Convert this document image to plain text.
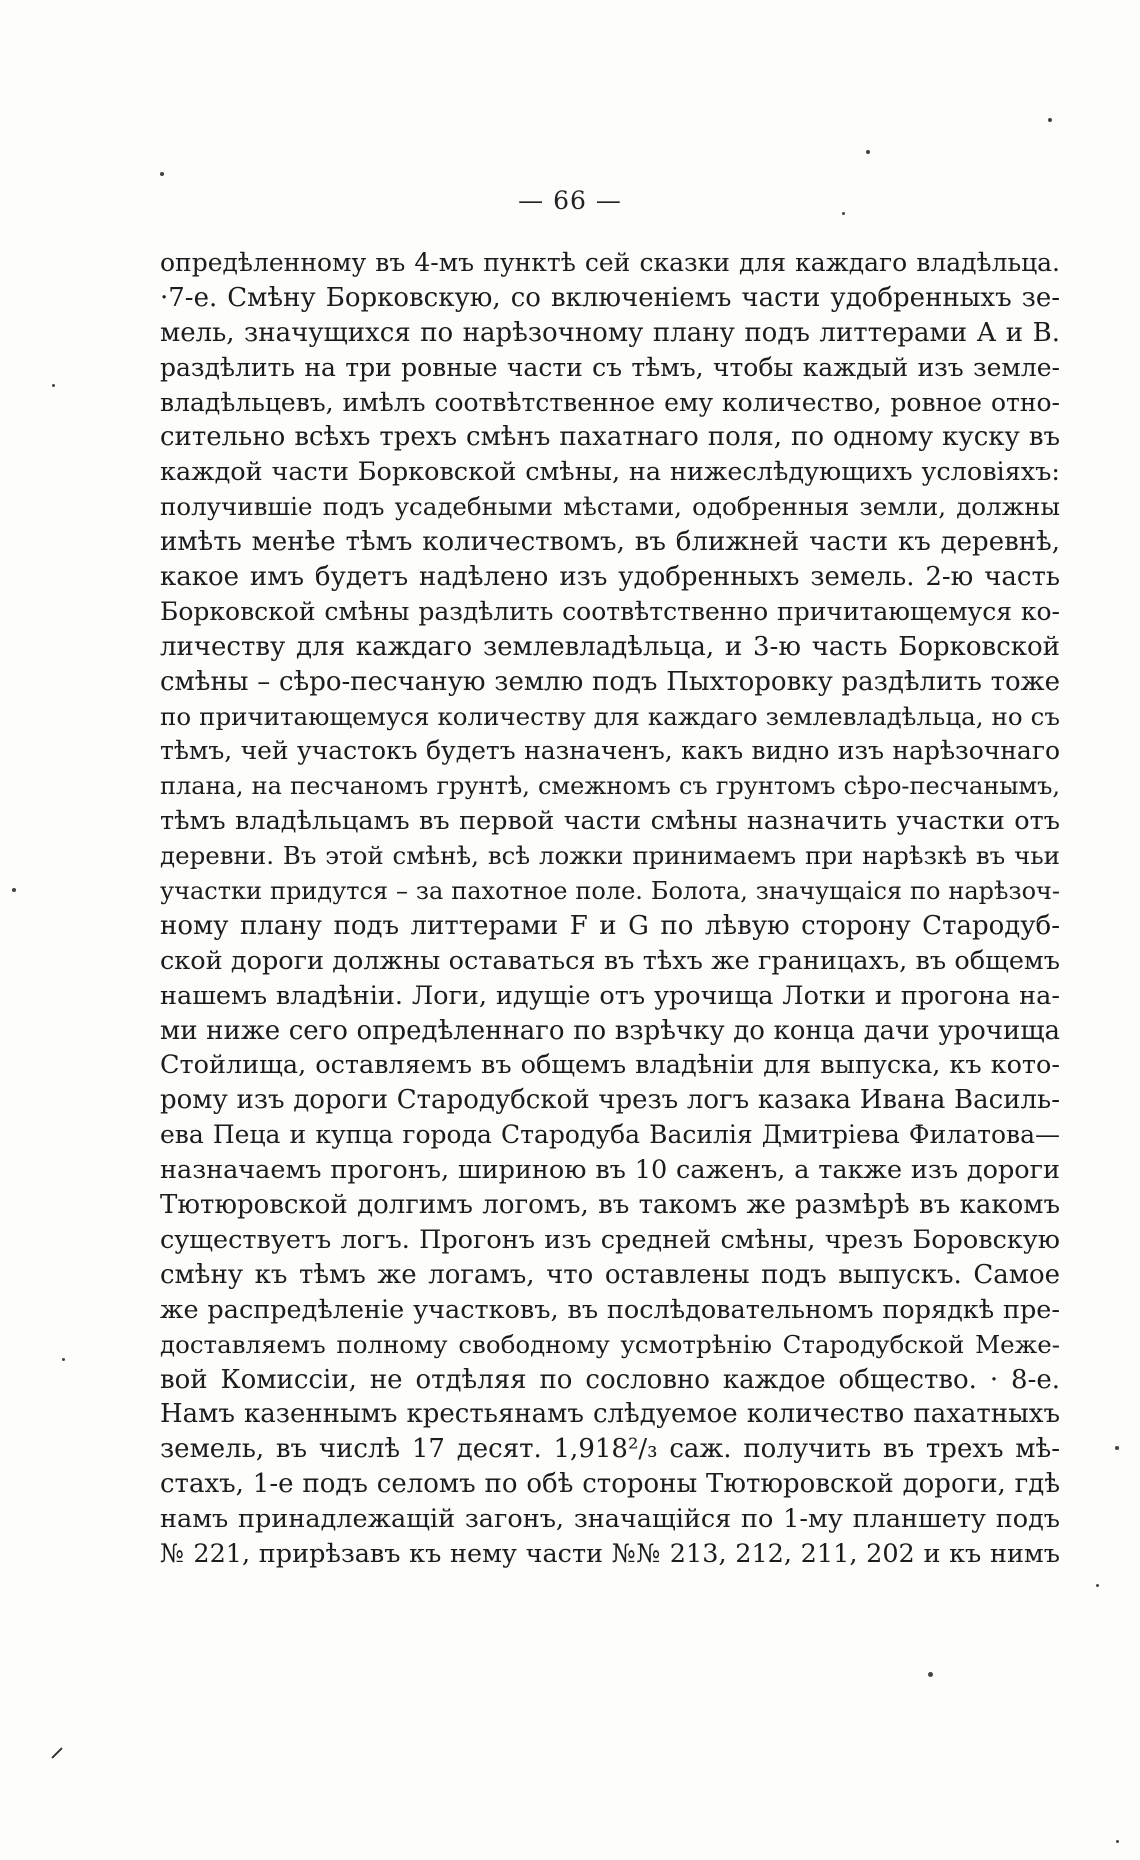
— 66 —
опредѣленному въ 4-мъ пунктѣ сей сказки для каждаго владѣльца.
·7-е. Смѣну Борковскую, со включеніемъ части удобренныхъ зе-
мель, значущихся по нарѣзочному плану подъ литтерами А и В.
раздѣлить на три ровные части съ тѣмъ, чтобы каждый изъ земле-
владѣльцевъ, имѣлъ соотвѣтственное ему количество, ровное отно-
сительно всѣхъ трехъ смѣнъ пахатнаго поля, по одному куску въ
каждой части Борковской смѣны, на нижеслѣдующихъ условіяхъ:
получившіе подъ усадебными мѣстами, одобренныя земли, должны
имѣть менѣе тѣмъ количествомъ, въ ближней части къ деревнѣ,
какое имъ будетъ надѣлено изъ удобренныхъ земель. 2-ю часть
Борковской смѣны раздѣлить соотвѣтственно причитающемуся ко-
личеству для каждаго землевладѣльца, и 3-ю часть Борковской
смѣны – сѣро-песчаную землю подъ Пыхторовку раздѣлить тоже
по причитающемуся количеству для каждаго землевладѣльца, но съ
тѣмъ, чей участокъ будетъ назначенъ, какъ видно изъ нарѣзочнаго
плана, на песчаномъ грунтѣ, смежномъ съ грунтомъ сѣро-песчанымъ,
тѣмъ владѣльцамъ въ первой части смѣны назначить участки отъ
деревни. Въ этой смѣнѣ, всѣ ложки принимаемъ при нарѣзкѣ въ чьи
участки придутся – за пахотное поле. Болота, значущаіся по нарѣзоч-
ному плану подъ литтерами F и G по лѣвую сторону Стародуб-
ской дороги должны оставаться въ тѣхъ же границахъ, въ общемъ
нашемъ владѣніи. Логи, идущіе отъ урочища Лотки и прогона на-
ми ниже сего опредѣленнаго по взрѣчку до конца дачи урочища
Стойлища, оставляемъ въ общемъ владѣніи для выпуска, къ кото-
рому изъ дороги Стародубской чрезъ логъ казака Ивана Василь-
ева Пеца и купца города Стародуба Василія Дмитріева Филатова—
назначаемъ прогонъ, шириною въ 10 саженъ, а также изъ дороги
Тютюровской долгимъ логомъ, въ такомъ же размѣрѣ въ какомъ
существуетъ логъ. Прогонъ изъ средней смѣны, чрезъ Боровскую
смѣну къ тѣмъ же логамъ, что оставлены подъ выпускъ. Самое
же распредѣленіе участковъ, въ послѣдовательномъ порядкѣ пре-
доставляемъ полному свободному усмотрѣнію Стародубской Меже-
вой Комиссіи, не отдѣляя по сословно каждое общество. · 8-е.
Намъ казеннымъ крестьянамъ слѣдуемое количество пахатныхъ
земель, въ числѣ 17 десят. 1,918²/₃ саж. получить въ трехъ мѣ-
стахъ, 1-е подъ селомъ по обѣ стороны Тютюровской дороги, гдѣ
намъ принадлежащій загонъ, значащійся по 1-му планшету подъ
№ 221, прирѣзавъ къ нему части №№ 213, 212, 211, 202 и къ нимъ
